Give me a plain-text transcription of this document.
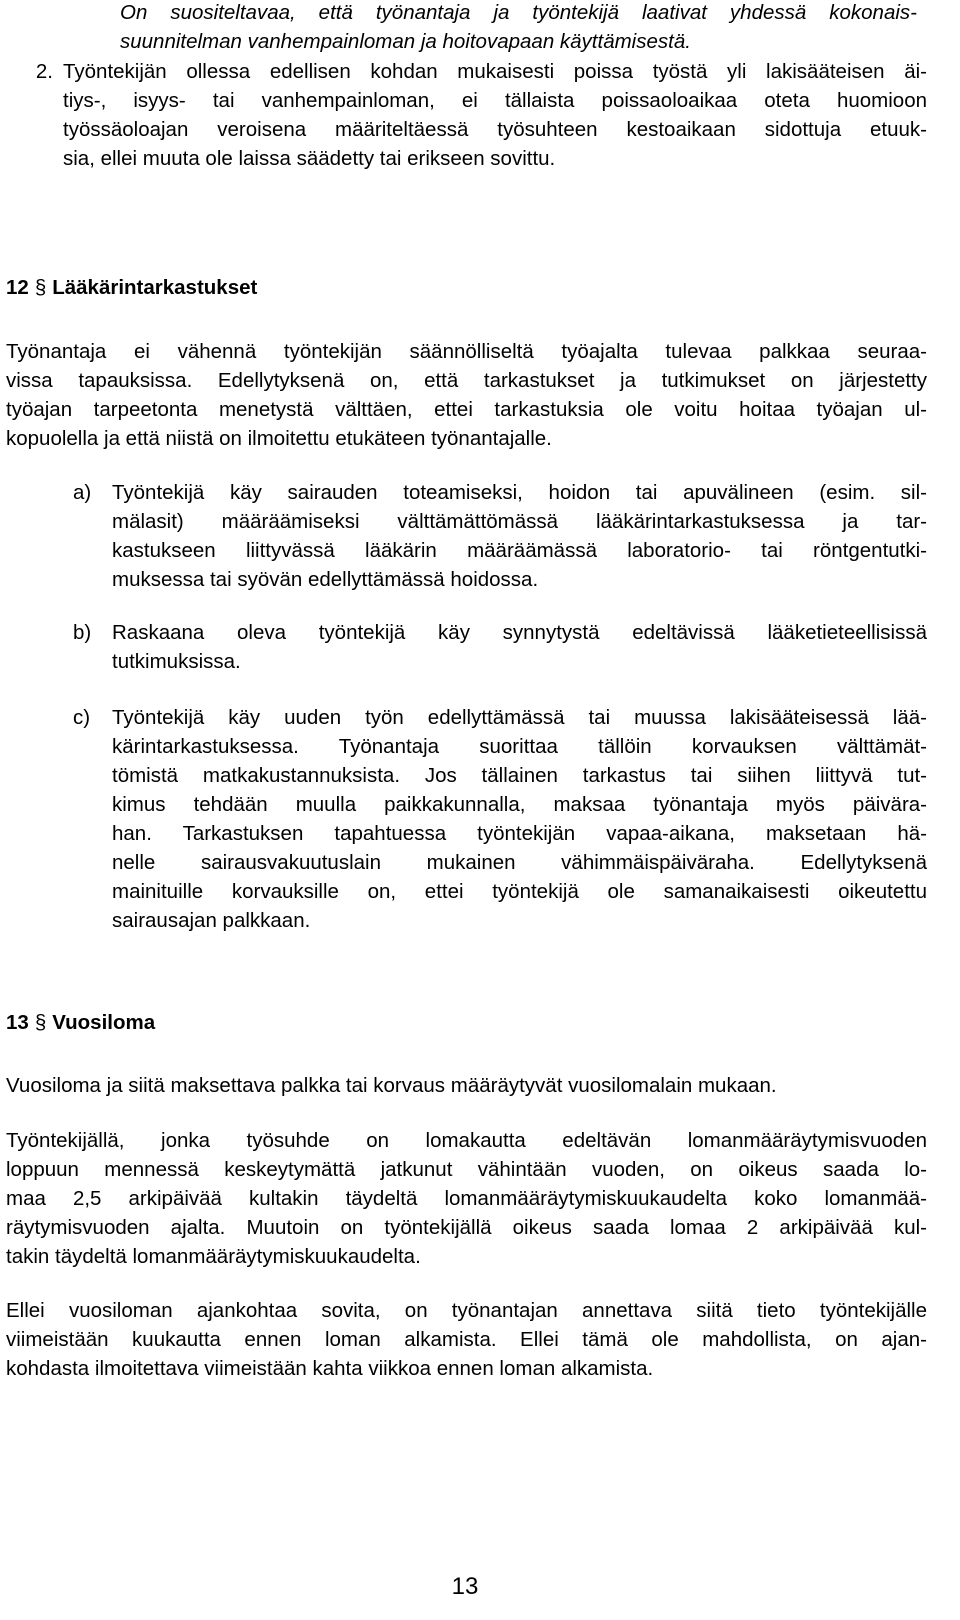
On suositeltavaa, että työnantaja ja työntekijä laativat yhdessä kokonais-
suunnitelman vanhempainloman ja hoitovapaan käyttämisestä.
2. Työntekijän ollessa edellisen kohdan mukaisesti poissa työstä yli lakisääteisen äi-
tiys-, isyys- tai vanhempainloman, ei tällaista poissaoloaikaa oteta huomioon
työssäoloajan veroisena määriteltäessä työsuhteen kestoaikaan sidottuja etuuk-
sia, ellei muuta ole laissa säädetty tai erikseen sovittu.
12 § Lääkärintarkastukset
Työnantaja ei vähennä työntekijän säännölliseltä työajalta tulevaa palkkaa seuraa-
vissa tapauksissa. Edellytyksenä on, että tarkastukset ja tutkimukset on järjestetty
työajan tarpeetonta menetystä välttäen, ettei tarkastuksia ole voitu hoitaa työajan ul-
kopuolella ja että niistä on ilmoitettu etukäteen työnantajalle.
a) Työntekijä käy sairauden toteamiseksi, hoidon tai apuvälineen (esim. sil-
mälasit) määräämiseksi välttämättömässä lääkärintarkastuksessa ja tar-
kastukseen liittyvässä lääkärin määräämässä laboratorio- tai röntgentutki-
muksessa tai syövän edellyttämässä hoidossa.
b) Raskaana oleva työntekijä käy synnytystä edeltävissä lääketieteellisissä
tutkimuksissa.
c) Työntekijä käy uuden työn edellyttämässä tai muussa lakisääteisessä lää-
kärintarkastuksessa. Työnantaja suorittaa tällöin korvauksen välttämät-
tömistä matkakustannuksista. Jos tällainen tarkastus tai siihen liittyvä tut-
kimus tehdään muulla paikkakunnalla, maksaa työnantaja myös päivära-
han. Tarkastuksen tapahtuessa työntekijän vapaa-aikana, maksetaan hä-
nelle sairausvakuutuslain mukainen vähimmäispäiväraha. Edellytyksenä
mainituille korvauksille on, ettei työntekijä ole samanaikaisesti oikeutettu
sairausajan palkkaan.
13 § Vuosiloma
Vuosiloma ja siitä maksettava palkka tai korvaus määräytyvät vuosilomalain mukaan.
Työntekijällä, jonka työsuhde on lomakautta edeltävän lomanmääräytymisvuoden
loppuun mennessä keskeytymättä jatkunut vähintään vuoden, on oikeus saada lo-
maa 2,5 arkipäivää kultakin täydeltä lomanmääräytymiskuukaudelta koko lomanmää-
räytymisvuoden ajalta. Muutoin on työntekijällä oikeus saada lomaa 2 arkipäivää kul-
takin täydeltä lomanmääräytymiskuukaudelta.
Ellei vuosiloman ajankohtaa sovita, on työnantajan annettava siitä tieto työntekijälle
viimeistään kuukautta ennen loman alkamista. Ellei tämä ole mahdollista, on ajan-
kohdasta ilmoitettava viimeistään kahta viikkoa ennen loman alkamista.
13
